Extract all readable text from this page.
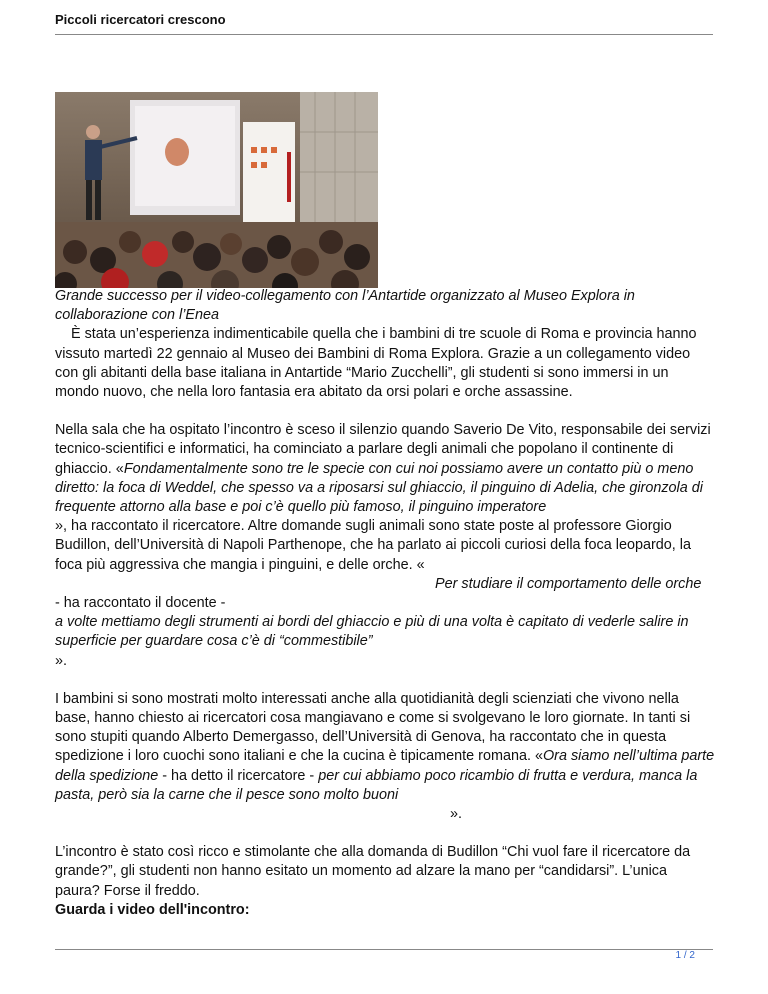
Piccoli ricercatori crescono

Grande successo per il video-collegamento con l’Antartide organizzato al Museo Explora in collaborazione con l’Enea

È stata un’esperienza indimenticabile quella che i bambini di tre scuole di Roma e provincia hanno vissuto martedì 22 gennaio al Museo dei Bambini di Roma Explora. Grazie a un collegamento video con gli abitanti della base italiana in Antartide “Mario Zucchelli”, gli studenti si sono immersi in un mondo nuovo, che nella loro fantasia era abitato da orsi polari e orche assassine.

Nella sala che ha ospitato l’incontro è sceso il silenzio quando Saverio De Vito, responsabile dei servizi tecnico-scientifici e informatici, ha cominciato a parlare degli animali che popolano il continente di ghiaccio. «Fondamentalmente sono tre le specie con cui noi possiamo avere un contatto più o meno diretto: la foca di Weddel, che spesso va a riposarsi sul ghiaccio, il pinguino di Adelia, che gironzola di frequente attorno alla base e poi c’è quello più famoso, il pinguino imperatore», ha raccontato il ricercatore. Altre domande sugli animali sono state poste al professore Giorgio Budillon, dell’Università di Napoli Parthenope, che ha parlato ai piccoli curiosi della foca leopardo, la foca più aggressiva che mangia i pinguini, e delle orche. «Per studiare il comportamento delle orche
- ha raccontato il docente -
a volte mettiamo degli strumenti ai bordi del ghiaccio e più di una volta è capitato di vederle salire in superficie per guardare cosa c’è di “commestibile”
».

I bambini si sono mostrati molto interessati anche alla quotidianità degli scienziati che vivono nella base, hanno chiesto ai ricercatori cosa mangiavano e come si svolgevano le loro giornate. In tanti si sono stupiti quando Alberto Demergasso, dell’Università di Genova, ha raccontato che in questa spedizione i loro cuochi sono italiani e che la cucina è tipicamente romana. «Ora siamo nell’ultima parte della spedizione - ha detto il ricercatore - per cui abbiamo poco ricambio di frutta e verdura, manca la pasta, però sia la carne che il pesce sono molto buoni».

L’incontro è stato così ricco e stimolante che alla domanda di Budillon “Chi vuol fare il ricercatore da grande?”, gli studenti non hanno esitato un momento ad alzare la mano per “candidarsi”. L’unica paura? Forse il freddo.

Guarda i video dell'incontro:

1 / 2
